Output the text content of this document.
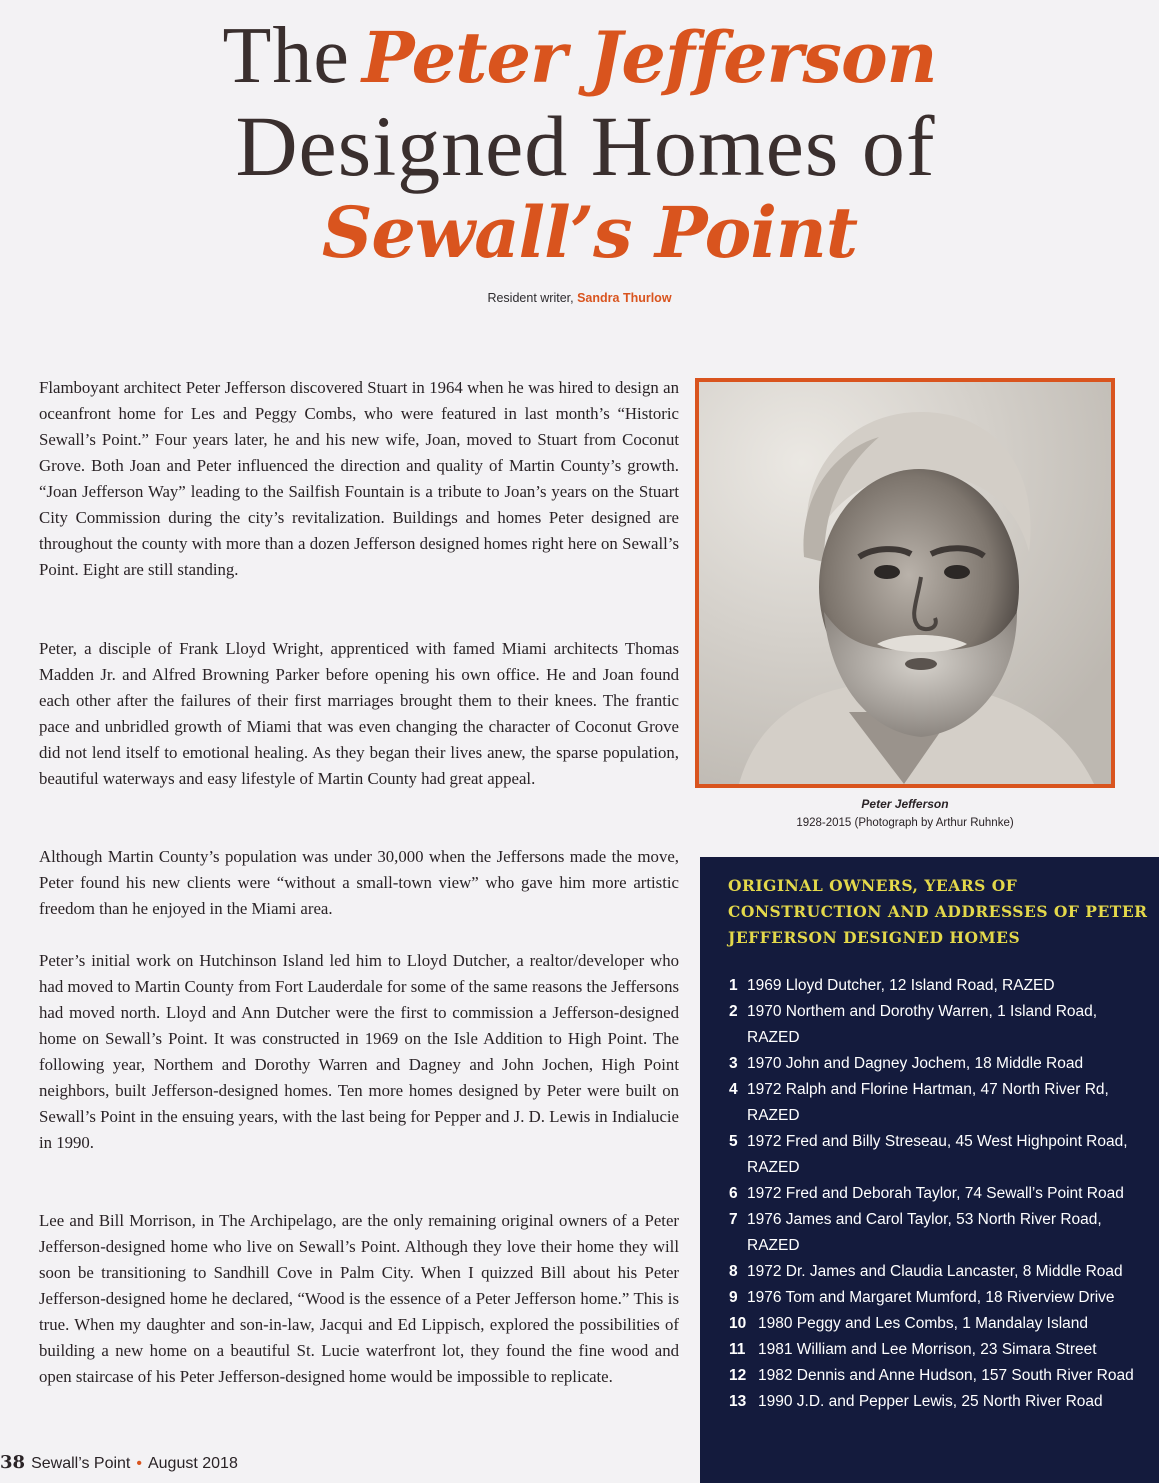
The Peter Jefferson
Designed Homes of
Sewall’s Point
Resident writer, Sandra Thurlow

Flamboyant architect Peter Jefferson discovered Stuart in 1964 when he was hired to design an oceanfront home for Les and Peggy Combs, who were featured in last month’s “Historic Sewall’s Point.” Four years later, he and his new wife, Joan, moved to Stuart from Coconut Grove. Both Joan and Peter influenced the direction and quality of Martin County’s growth. “Joan Jefferson Way” leading to the Sailfish Fountain is a tribute to Joan’s years on the Stuart City Commission during the city’s revitalization. Buildings and homes Peter designed are throughout the county with more than a dozen Jefferson designed homes right here on Sewall’s Point. Eight are still standing.

Peter, a disciple of Frank Lloyd Wright, apprenticed with famed Miami architects Thomas Madden Jr. and Alfred Browning Parker before opening his own office. He and Joan found each other after the failures of their first marriages brought them to their knees. The frantic pace and unbridled growth of Miami that was even changing the character of Coconut Grove did not lend itself to emotional healing. As they began their lives anew, the sparse population, beautiful waterways and easy lifestyle of Martin County had great appeal.

Although Martin County’s population was under 30,000 when the Jeffersons made the move, Peter found his new clients were “without a small-town view” who gave him more artistic freedom than he enjoyed in the Miami area.

Peter’s initial work on Hutchinson Island led him to Lloyd Dutcher, a realtor/developer who had moved to Martin County from Fort Lauderdale for some of the same reasons the Jeffersons had moved north. Lloyd and Ann Dutcher were the first to commission a Jefferson-designed home on Sewall’s Point. It was constructed in 1969 on the Isle Addition to High Point. The following year, Northem and Dorothy Warren and Dagney and John Jochen, High Point neighbors, built Jefferson-designed homes. Ten more homes designed by Peter were built on Sewall’s Point in the ensuing years, with the last being for Pepper and J. D. Lewis in Indialucie in 1990.

Lee and Bill Morrison, in The Archipelago, are the only remaining original owners of a Peter Jefferson-designed home who live on Sewall’s Point. Although they love their home they will soon be transitioning to Sandhill Cove in Palm City. When I quizzed Bill about his Peter Jefferson-designed home he declared, “Wood is the essence of a Peter Jefferson home.” This is true. When my daughter and son-in-law, Jacqui and Ed Lippisch, explored the possibilities of building a new home on a beautiful St. Lucie waterfront lot, they found the fine wood and open staircase of his Peter Jefferson-designed home would be impossible to replicate.

Peter Jefferson
1928-2015 (Photograph by Arthur Ruhnke)
ORIGINAL OWNERS, YEARS OF CONSTRUCTION AND ADDRESSES OF PETER JEFFERSON DESIGNED HOMES
1 1969 Lloyd Dutcher, 12 Island Road, RAZED
2 1970 Northem and Dorothy Warren, 1 Island Road, RAZED
3 1970 John and Dagney Jochem, 18 Middle Road
4 1972 Ralph and Florine Hartman, 47 North River Rd, RAZED
5 1972 Fred and Billy Streseau, 45 West Highpoint Road, RAZED
6 1972 Fred and Deborah Taylor, 74 Sewall’s Point Road
7 1976 James and Carol Taylor, 53 North River Road, RAZED
8 1972 Dr. James and Claudia Lancaster, 8 Middle Road
9 1976 Tom and Margaret Mumford, 18 Riverview Drive
10 1980 Peggy and Les Combs, 1 Mandalay Island
11 1981 William and Lee Morrison, 23 Simara Street
12 1982 Dennis and Anne Hudson, 157 South River Road
13 1990 J.D. and Pepper Lewis, 25 North River Road
38 Sewall’s Point • August 2018
